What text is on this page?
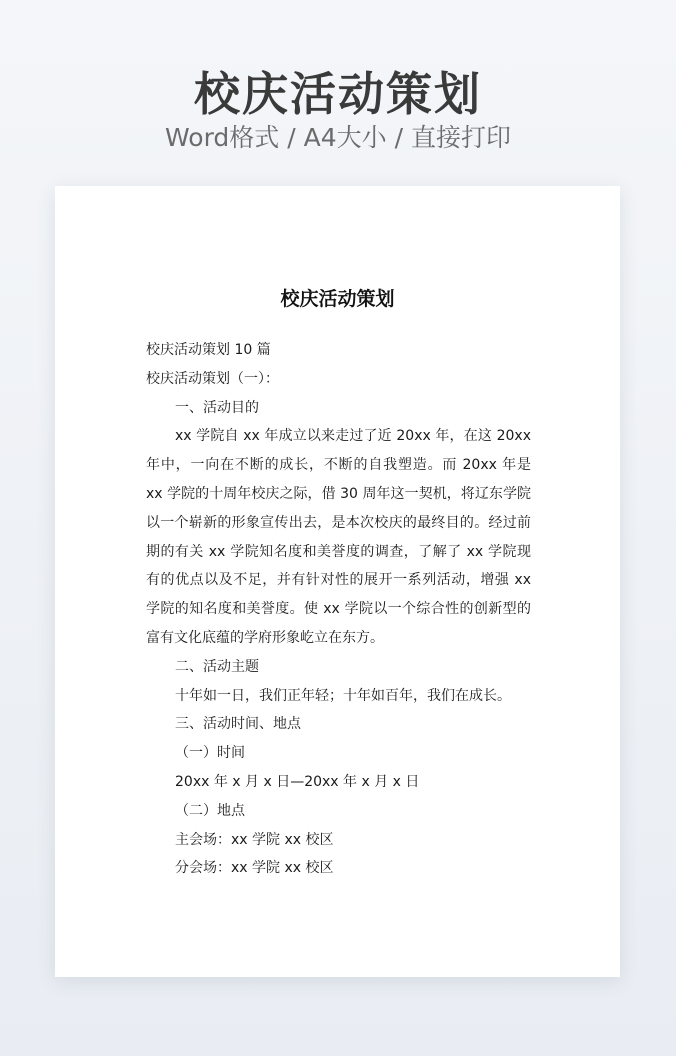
校庆活动策划
Word格式 / A4大小 / 直接打印
校庆活动策划

校庆活动策划 10 篇

校庆活动策划（一）：

一、活动目的

xx 学院自 xx 年成立以来走过了近 20xx 年，在这 20xx 年中，一向在不断的成长，不断的自我塑造。而 20xx 年是 xx 学院的十周年校庆之际，借 30 周年这一契机，将辽东学院以一个崭新的形象宣传出去，是本次校庆的最终目的。经过前期的有关 xx 学院知名度和美誉度的调查，了解了 xx 学院现有的优点以及不足，并有针对性的展开一系列活动，增强 xx 学院的知名度和美誉度。使 xx 学院以一个综合性的创新型的富有文化底蕴的学府形象屹立在东方。

二、活动主题

十年如一日，我们正年轻；十年如百年，我们在成长。

三、活动时间、地点

（一）时间

20xx 年 x 月 x 日—20xx 年 x 月 x 日

（二）地点

主会场：xx 学院 xx 校区

分会场：xx 学院 xx 校区
